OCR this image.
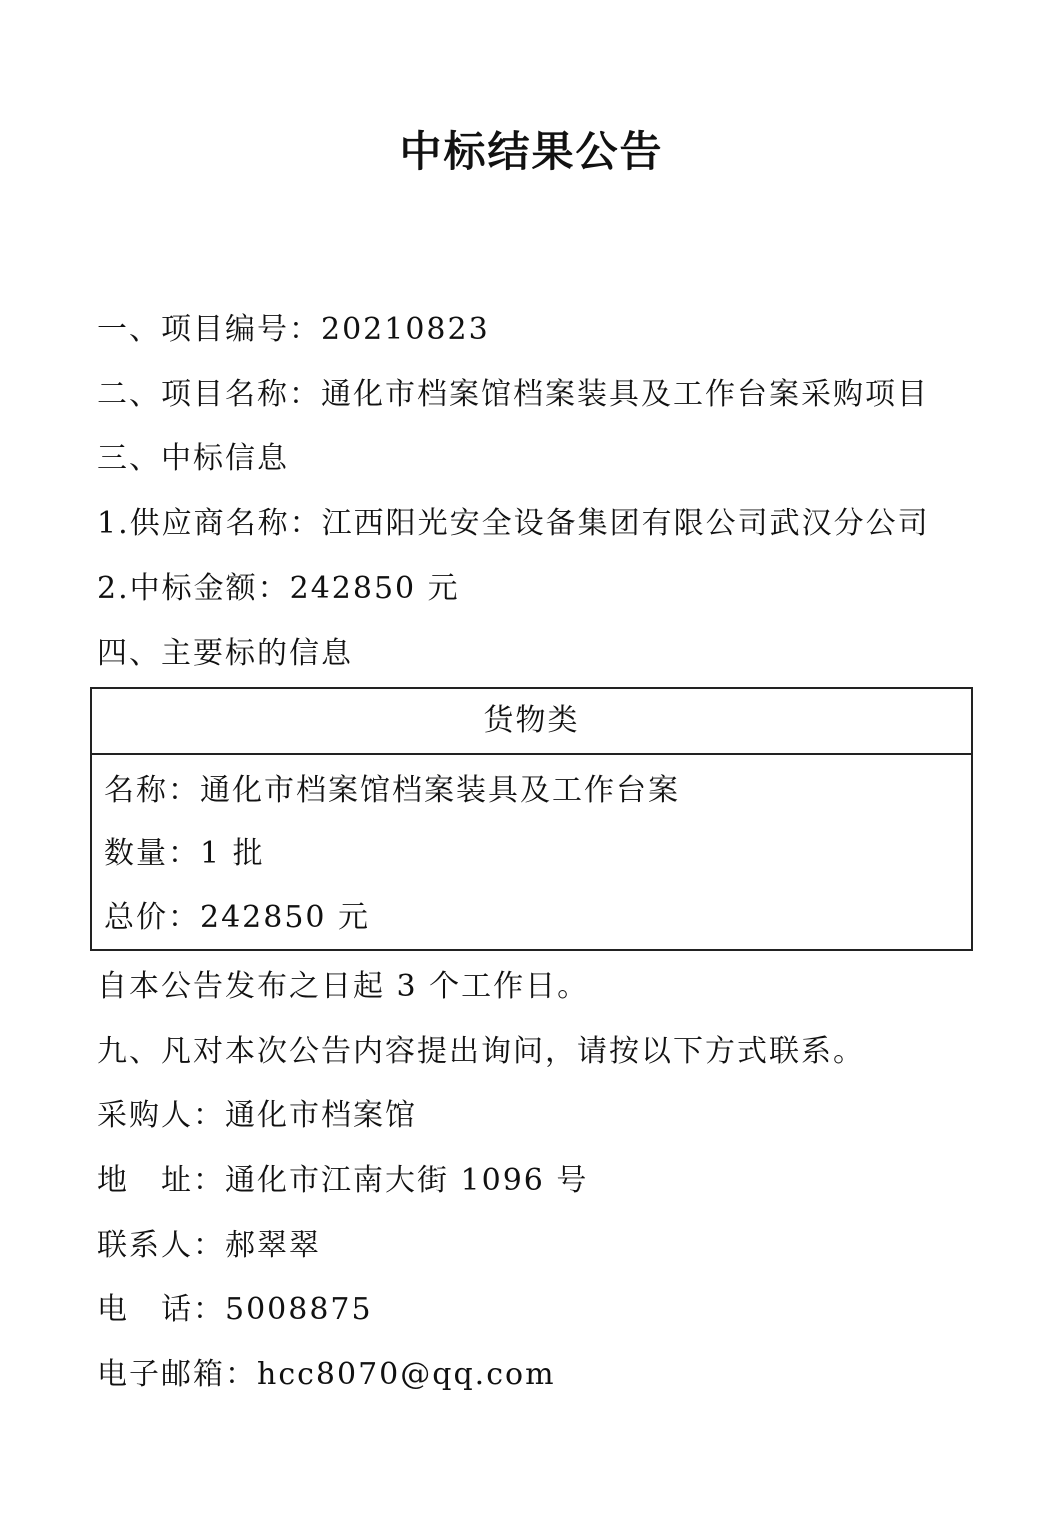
中标结果公告
一、项目编号：20210823
二、项目名称：通化市档案馆档案装具及工作台案采购项目
三、中标信息
1.供应商名称：江西阳光安全设备集团有限公司武汉分公司
2.中标金额：242850 元
四、主要标的信息
货物类
名称：通化市档案馆档案装具及工作台案
数量：1 批
总价：242850 元
自本公告发布之日起 3 个工作日。
九、凡对本次公告内容提出询问，请按以下方式联系。
采购人：通化市档案馆
地　址：通化市江南大街 1096 号
联系人：郝翠翠
电　话：5008875
电子邮箱：hcc8070@qq.com
